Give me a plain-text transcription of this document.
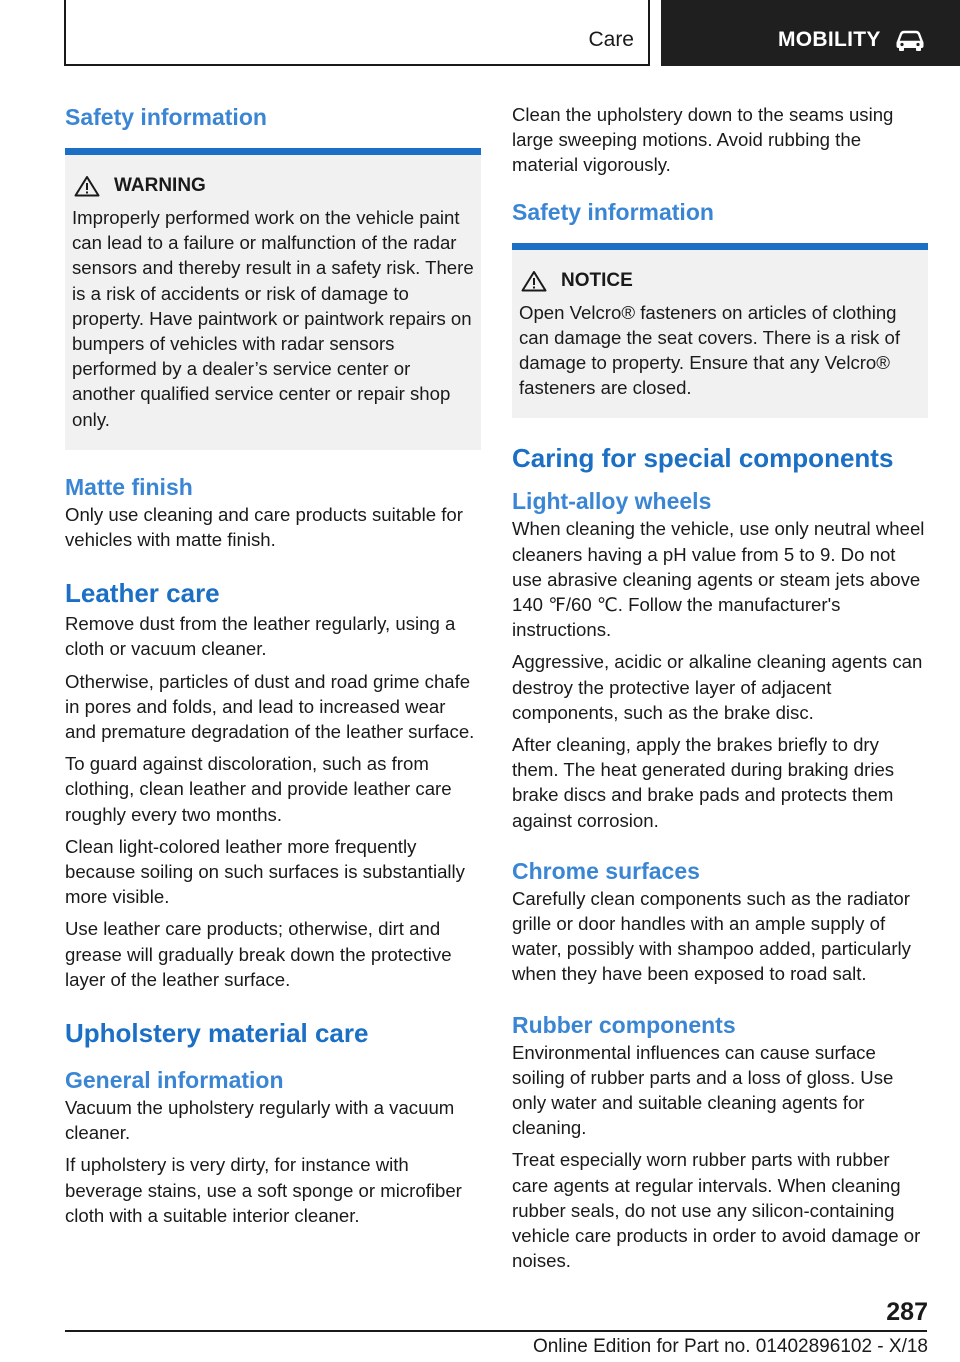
Care	MOBILITY
Safety information
WARNING

Improperly performed work on the vehicle paint can lead to a failure or malfunction of the radar sensors and thereby result in a safety risk. There is a risk of accidents or risk of damage to property. Have paintwork or paintwork repairs on bumpers of vehicles with radar sensors performed by a dealer’s service center or another qualified service center or repair shop only.

Matte finish

Only use cleaning and care products suitable for vehicles with matte finish.

Leather care

Remove dust from the leather regularly, using a cloth or vacuum cleaner.

Otherwise, particles of dust and road grime chafe in pores and folds, and lead to increased wear and premature degradation of the leather surface.

To guard against discoloration, such as from clothing, clean leather and provide leather care roughly every two months.

Clean light-colored leather more frequently because soiling on such surfaces is substantially more visible.

Use leather care products; otherwise, dirt and grease will gradually break down the protective layer of the leather surface.

Upholstery material care
General information

Vacuum the upholstery regularly with a vacuum cleaner.

If upholstery is very dirty, for instance with beverage stains, use a soft sponge or microfiber cloth with a suitable interior cleaner.

Clean the upholstery down to the seams using large sweeping motions. Avoid rubbing the material vigorously.

Safety information
NOTICE

Open Velcro® fasteners on articles of clothing can damage the seat covers. There is a risk of damage to property. Ensure that any Velcro® fasteners are closed.

Caring for special components
Light-alloy wheels

When cleaning the vehicle, use only neutral wheel cleaners having a pH value from 5 to 9. Do not use abrasive cleaning agents or steam jets above 140 ℉/60 ℃. Follow the manufacturer's instructions.

Aggressive, acidic or alkaline cleaning agents can destroy the protective layer of adjacent components, such as the brake disc.

After cleaning, apply the brakes briefly to dry them. The heat generated during braking dries brake discs and brake pads and protects them against corrosion.

Chrome surfaces

Carefully clean components such as the radiator grille or door handles with an ample supply of water, possibly with shampoo added, particularly when they have been exposed to road salt.

Rubber components

Environmental influences can cause surface soiling of rubber parts and a loss of gloss. Use only water and suitable cleaning agents for cleaning.

Treat especially worn rubber parts with rubber care agents at regular intervals. When cleaning rubber seals, do not use any silicon-containing vehicle care products in order to avoid damage or noises.

287
Online Edition for Part no. 01402896102 - X/18
